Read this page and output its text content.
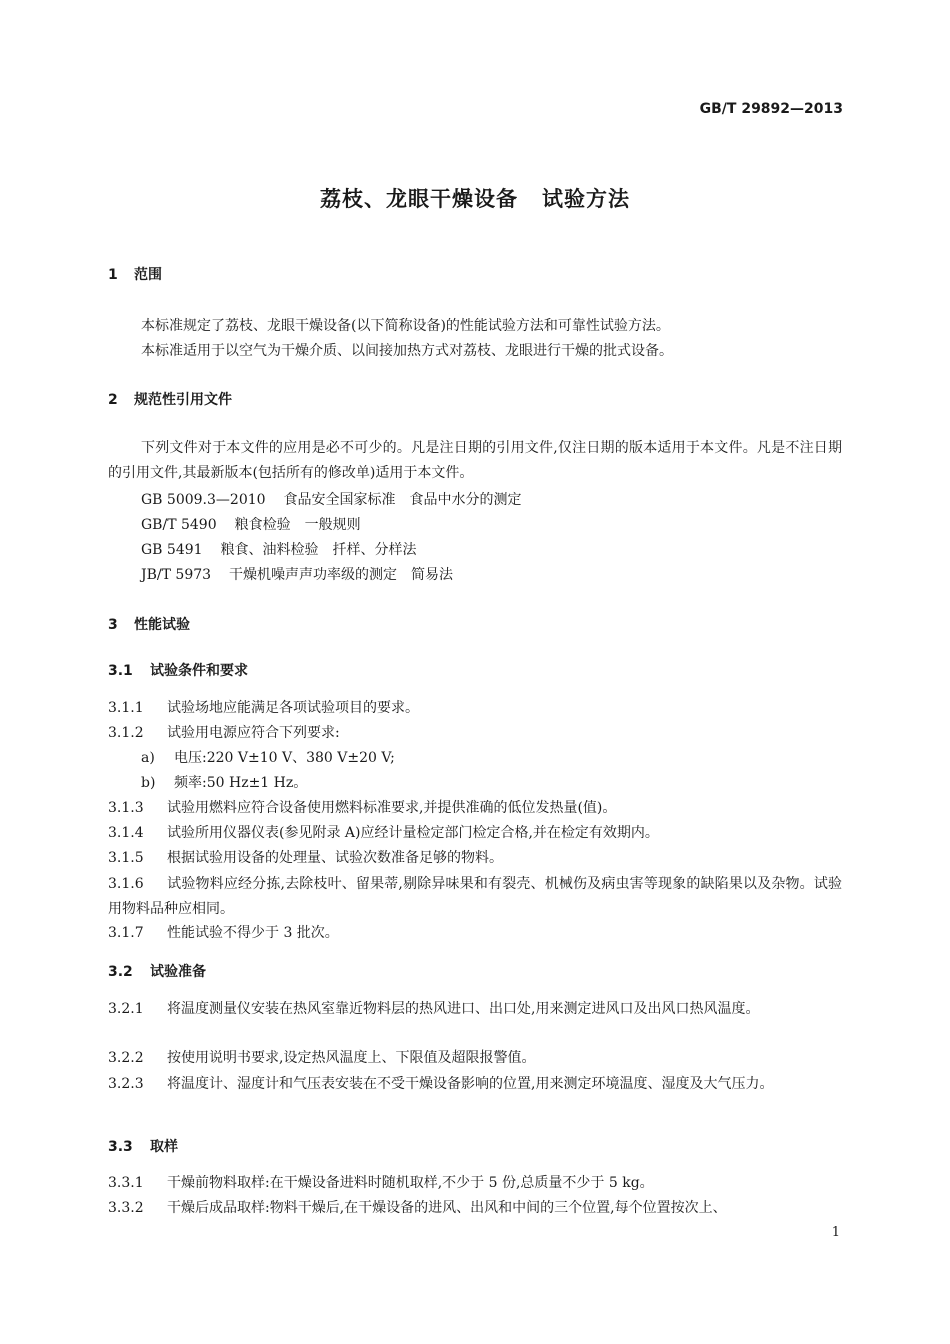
GB/T 29892—2013
荔枝、龙眼干燥设备 试验方法
1 范围
本标准规定了荔枝、龙眼干燥设备(以下简称设备)的性能试验方法和可靠性试验方法。
本标准适用于以空气为干燥介质、以间接加热方式对荔枝、龙眼进行干燥的批式设备。
2 规范性引用文件
下列文件对于本文件的应用是必不可少的。凡是注日期的引用文件,仅注日期的版本适用于本文件。凡是不注日期的引用文件,其最新版本(包括所有的修改单)适用于本文件。
GB 5009.3—2010 食品安全国家标准　食品中水分的测定
GB/T 5490 粮食检验　一般规则
GB 5491 粮食、油料检验　扦样、分样法
JB/T 5973 干燥机噪声声功率级的测定　简易法
3 性能试验
3.1 试验条件和要求
3.1.1 试验场地应能满足各项试验项目的要求。
3.1.2 试验用电源应符合下列要求:
a) 电压:220 V±10 V、380 V±20 V;
b) 频率:50 Hz±1 Hz。
3.1.3 试验用燃料应符合设备使用燃料标准要求,并提供准确的低位发热量(值)。
3.1.4 试验所用仪器仪表(参见附录 A)应经计量检定部门检定合格,并在检定有效期内。
3.1.5 根据试验用设备的处理量、试验次数准备足够的物料。
3.1.6 试验物料应经分拣,去除枝叶、留果蒂,剔除异味果和有裂壳、机械伤及病虫害等现象的缺陷果以及杂物。试验用物料品种应相同。
3.1.7 性能试验不得少于 3 批次。
3.2 试验准备
3.2.1 将温度测量仪安装在热风室靠近物料层的热风进口、出口处,用来测定进风口及出风口热风温度。
3.2.2 按使用说明书要求,设定热风温度上、下限值及超限报警值。
3.2.3 将温度计、湿度计和气压表安装在不受干燥设备影响的位置,用来测定环境温度、湿度及大气压力。
3.3 取样
3.3.1 干燥前物料取样:在干燥设备进料时随机取样,不少于 5 份,总质量不少于 5 kg。
3.3.2 干燥后成品取样:物料干燥后,在干燥设备的进风、出风和中间的三个位置,每个位置按次上、
1
